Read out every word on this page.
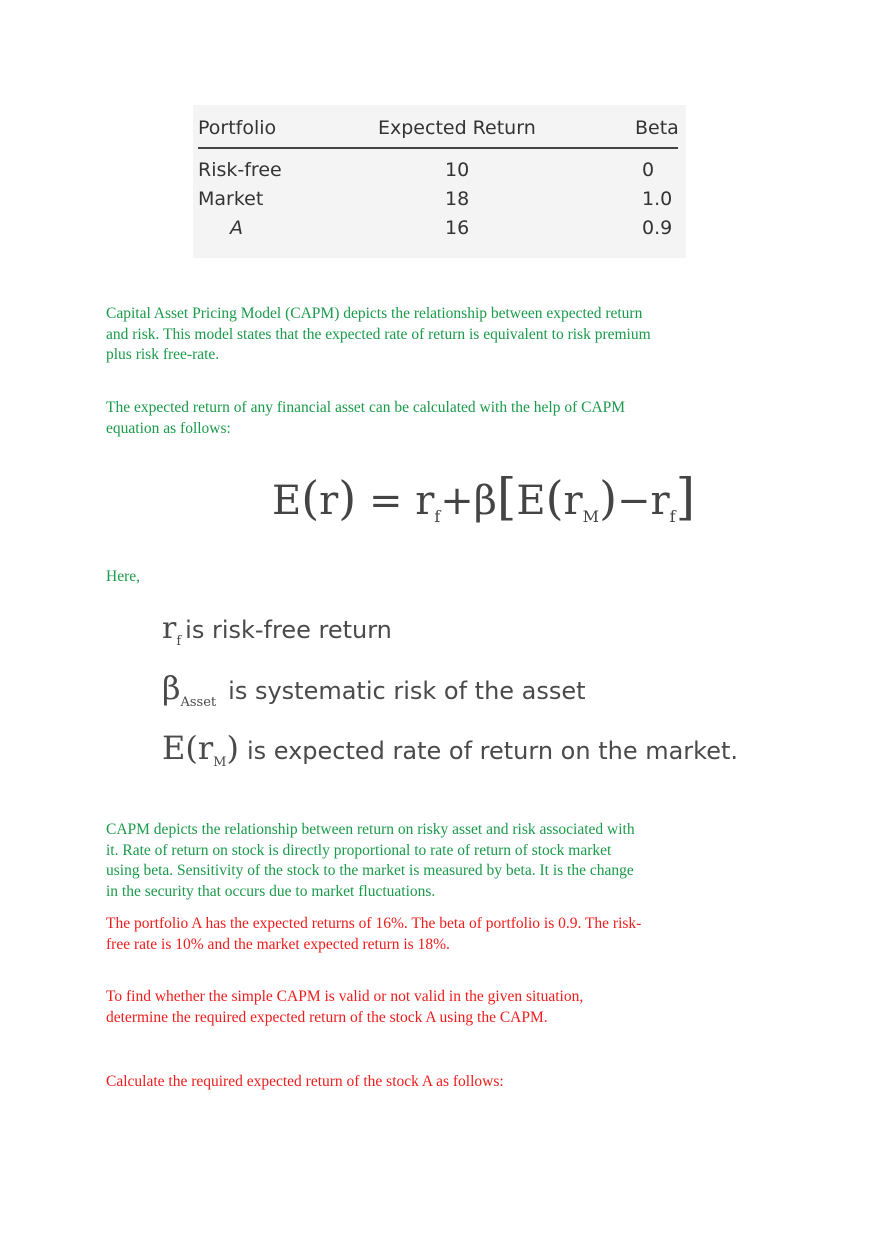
Portfolio	Expected Return	Beta
Risk-free	10	0
Market	18	1.0
A	16	0.9

Capital Asset Pricing Model (CAPM) depicts the relationship between expected return and risk. This model states that the expected rate of return is equivalent to risk premium plus risk free-rate.

The expected return of any financial asset can be calculated with the help of CAPM equation as follows:

$E(r) = r_f+\beta[E(r_M)-r_f]$

Here,

$r_f$ is risk-free return
$\beta_{Asset}$ is systematic risk of the asset
$E(r_M)$ is expected rate of return on the market.

CAPM depicts the relationship between return on risky asset and risk associated with it. Rate of return on stock is directly proportional to rate of return of stock market using beta. Sensitivity of the stock to the market is measured by beta. It is the change in the security that occurs due to market fluctuations.

The portfolio A has the expected returns of 16%. The beta of portfolio is 0.9. The risk-free rate is 10% and the market expected return is 18%.

To find whether the simple CAPM is valid or not valid in the given situation, determine the required expected return of the stock A using the CAPM.

Calculate the required expected return of the stock A as follows:
